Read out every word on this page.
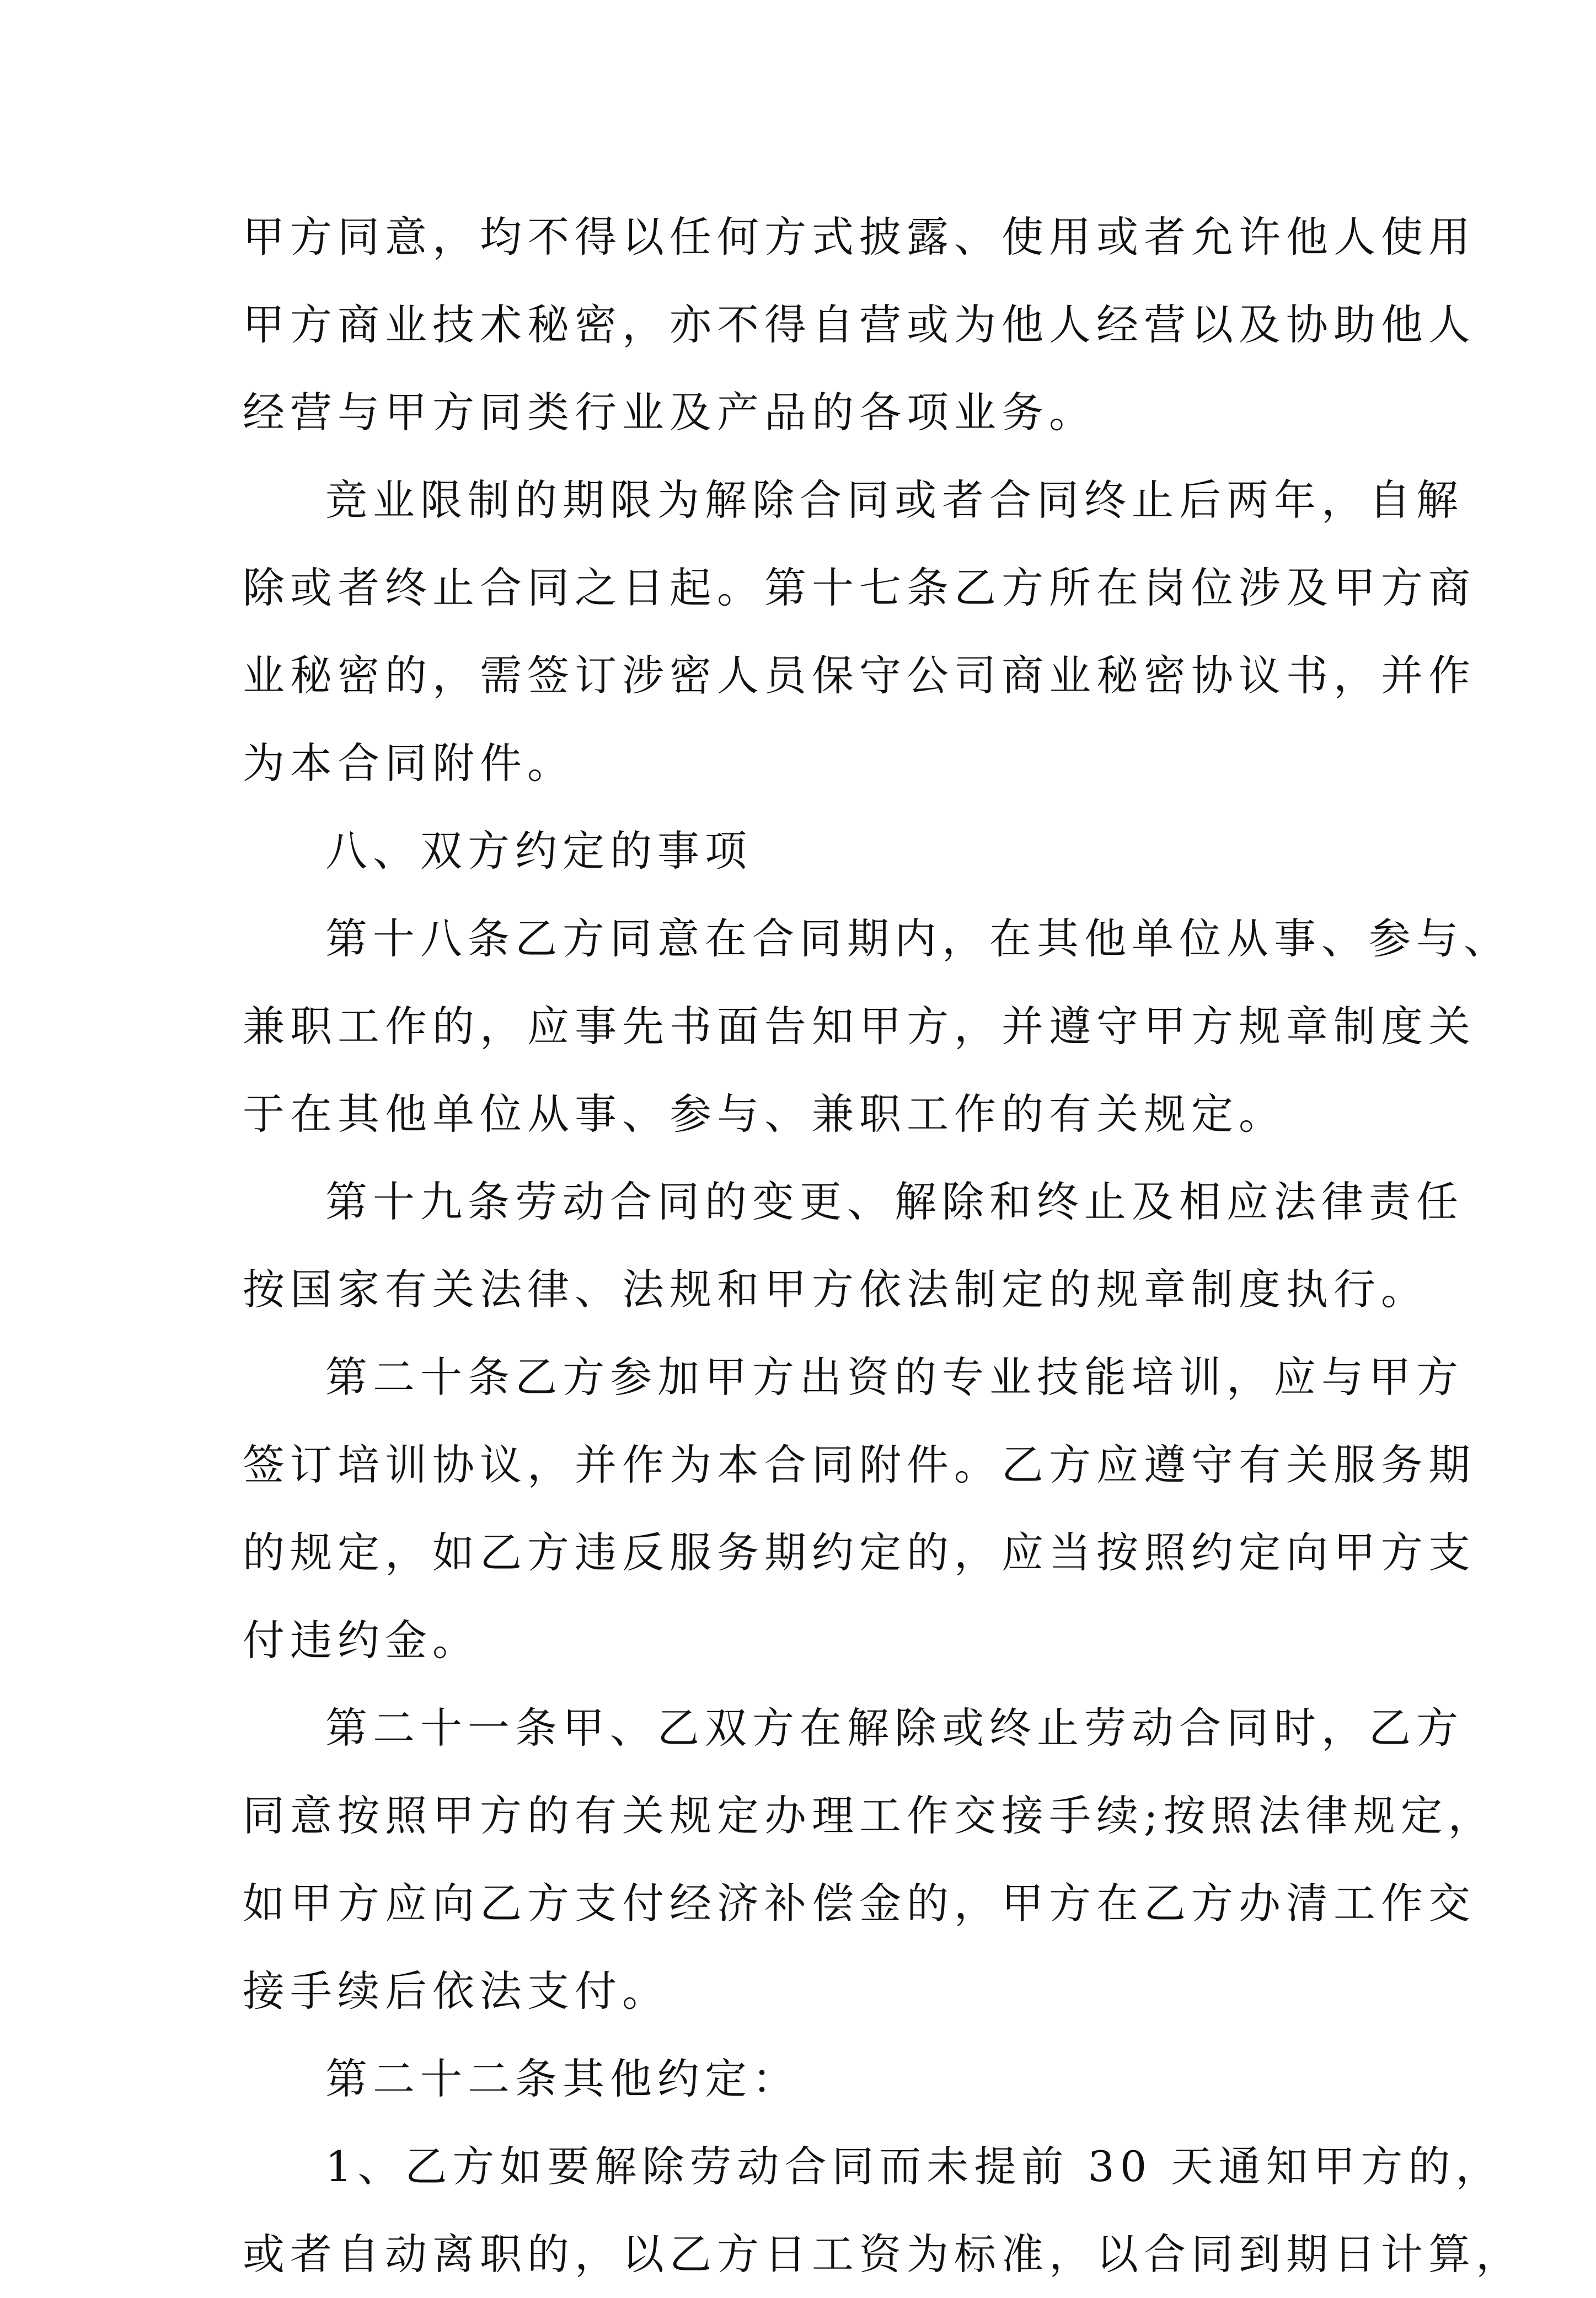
甲方同意，均不得以任何方式披露、使用或者允许他人使用
甲方商业技术秘密，亦不得自营或为他人经营以及协助他人
经营与甲方同类行业及产品的各项业务。
竞业限制的期限为解除合同或者合同终止后两年，自解
除或者终止合同之日起。第十七条乙方所在岗位涉及甲方商
业秘密的，需签订涉密人员保守公司商业秘密协议书，并作
为本合同附件。
八、双方约定的事项
第十八条乙方同意在合同期内，在其他单位从事、参与、
兼职工作的，应事先书面告知甲方，并遵守甲方规章制度关
于在其他单位从事、参与、兼职工作的有关规定。
第十九条劳动合同的变更、解除和终止及相应法律责任
按国家有关法律、法规和甲方依法制定的规章制度执行。
第二十条乙方参加甲方出资的专业技能培训，应与甲方
签订培训协议，并作为本合同附件。乙方应遵守有关服务期
的规定，如乙方违反服务期约定的，应当按照约定向甲方支
付违约金。
第二十一条甲、乙双方在解除或终止劳动合同时，乙方
同意按照甲方的有关规定办理工作交接手续;按照法律规定，
如甲方应向乙方支付经济补偿金的，甲方在乙方办清工作交
接手续后依法支付。
第二十二条其他约定：
1、乙方如要解除劳动合同而未提前 30 天通知甲方的，
或者自动离职的，以乙方日工资为标准，以合同到期日计算，
